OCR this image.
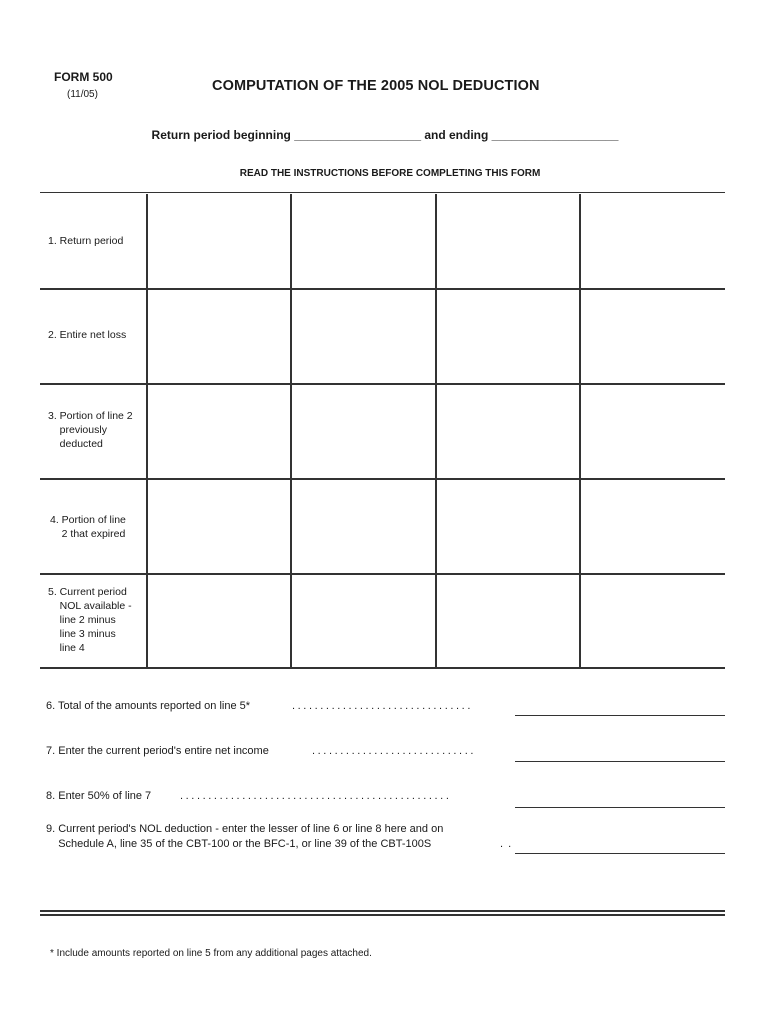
FORM 500
(11/05)
COMPUTATION OF THE 2005 NOL DEDUCTION
Return period beginning ___________________ and ending ___________________
READ THE INSTRUCTIONS BEFORE COMPLETING THIS FORM
1. Return period
2. Entire net loss
3. Portion of line 2
previously
deducted
4. Portion of line
2 that expired
5. Current period
NOL available -
line 2 minus
line 3 minus
line 4
6. Total of the amounts reported on line 5*	................................
7. Enter the current period's entire net income	.............................
8. Enter 50% of line 7	................................................
9. Current period's NOL deduction - enter the lesser of line 6 or line 8 here and on
Schedule A, line 35 of the CBT-100 or the BFC-1, or line 39 of the CBT-100S	. .
* Include amounts reported on line 5 from any additional pages attached.
